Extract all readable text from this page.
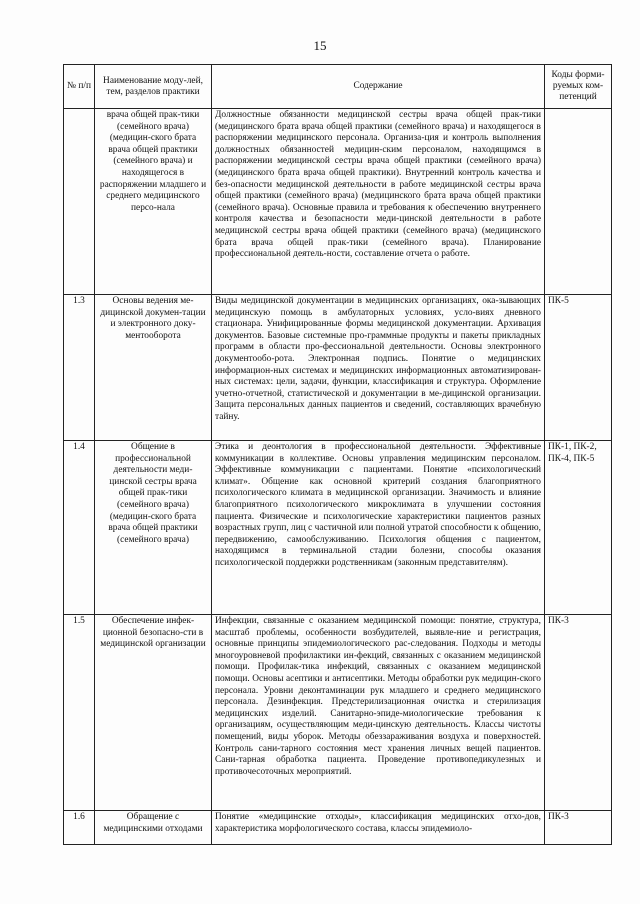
15
№ п/п	Наименование моду-лей, тем, разделов практики	Содержание	Коды форми-руемых ком-петенций
	врача общей прак-тики (семейного врача) (медицин-ского брата врача общей практики (семейного врача) и находящегося в распоряжении младшего и среднего медицинского персо-нала	Должностные обязанности медицинской сестры врача общей прак-тики (медицинского брата врача общей практики (семейного врача) и находящегося в распоряжении медицинского персонала. Организа-ция и контроль выполнения должностных обязанностей медицин-ским персоналом, находящимся в распоряжении медицинской сестры врача общей практики (семейного врача) (медицинского брата врача общей практики). Внутренний контроль качества и без-опасности медицинской деятельности в работе медицинской сестры врача общей практики (семейного врача) (медицинского брата врача общей практики (семейного врача). Основные правила и требования к обеспечению внутреннего контроля качества и безопасности меди-цинской деятельности в работе медицинской сестры врача общей практики (семейного врача) (медицинского брата врача общей прак-тики (семейного врача). Планирование профессиональной деятель-ности, составление отчета о работе.	
1.3	Основы ведения ме-дицинской докумен-тации и электронного доку-ментооборота	Виды медицинской документации в медицинских организациях, ока-зывающих медицинскую помощь в амбулаторных условиях, усло-виях дневного стационара. Унифицированные формы медицинской документации. Архивация документов. Базовые системные про-граммные продукты и пакеты прикладных программ в области про-фессиональной деятельности. Основы электронного документообо-рота. Электронная подпись. Понятие о медицинских информацион-ных системах и медицинских информационных автоматизирован-ных системах: цели, задачи, функции, классификация и структура. Оформление учетно-отчетной, статистической и документации в ме-дицинской организации. Защита персональных данных пациентов и сведений, составляющих врачебную тайну.	ПК-5
1.4	Общение в профессиональной деятельности меди-цинской сестры врача общей прак-тики (семейного врача) (медицин-ского брата врача общей практики (семейного врача)	Этика и деонтология в профессиональной деятельности. Эффективные коммуникации в коллективе. Основы управления медицинским персоналом. Эффективные коммуникации с пациентами. Понятие «психологический климат». Общение как основной критерий создания благоприятного психологического климата в медицинской организации. Значимость и влияние благоприятного психологического микроклимата в улучшении состояния пациента. Физические и психологические характеристики пациентов разных возрастных групп, лиц с частичной или полной утратой способности к общению, передвижению, самообслуживанию. Психология общения с пациентом, находящимся в терминальной стадии болезни, способы оказания психологической поддержки родственникам (законным представителям).	ПК-1, ПК-2, ПК-4, ПК-5
1.5	Обеспечение инфек-ционной безопасно-сти в медицинской организации	Инфекции, связанные с оказанием медицинской помощи: понятие, структура, масштаб проблемы, особенности возбудителей, выявле-ние и регистрация, основные принципы эпидемиологического рас-следования. Подходы и методы многоуровневой профилактики ин-фекций, связанных с оказанием медицинской помощи. Профилак-тика инфекций, связанных с оказанием медицинской помощи. Основы асептики и антисептики. Методы обработки рук медицин-ского персонала. Уровни деконтаминации рук младшего и среднего медицинского персонала. Дезинфекция. Предстерилизационная очистка и стерилизация медицинских изделий. Санитарно-эпиде-миологические требования к организациям, осуществляющим меди-цинскую деятельность. Классы чистоты помещений, виды уборок. Методы обеззараживания воздуха и поверхностей. Контроль сани-тарного состояния мест хранения личных вещей пациентов. Сани-тарная обработка пациента. Проведение противопедикулезных и противочесоточных мероприятий.	ПК-3
1.6	Обращение с медицинскими отходами	Понятие «медицинские отходы», классификация медицинских отхо-дов, характеристика морфологического состава, классы эпидемиоло-	ПК-3
